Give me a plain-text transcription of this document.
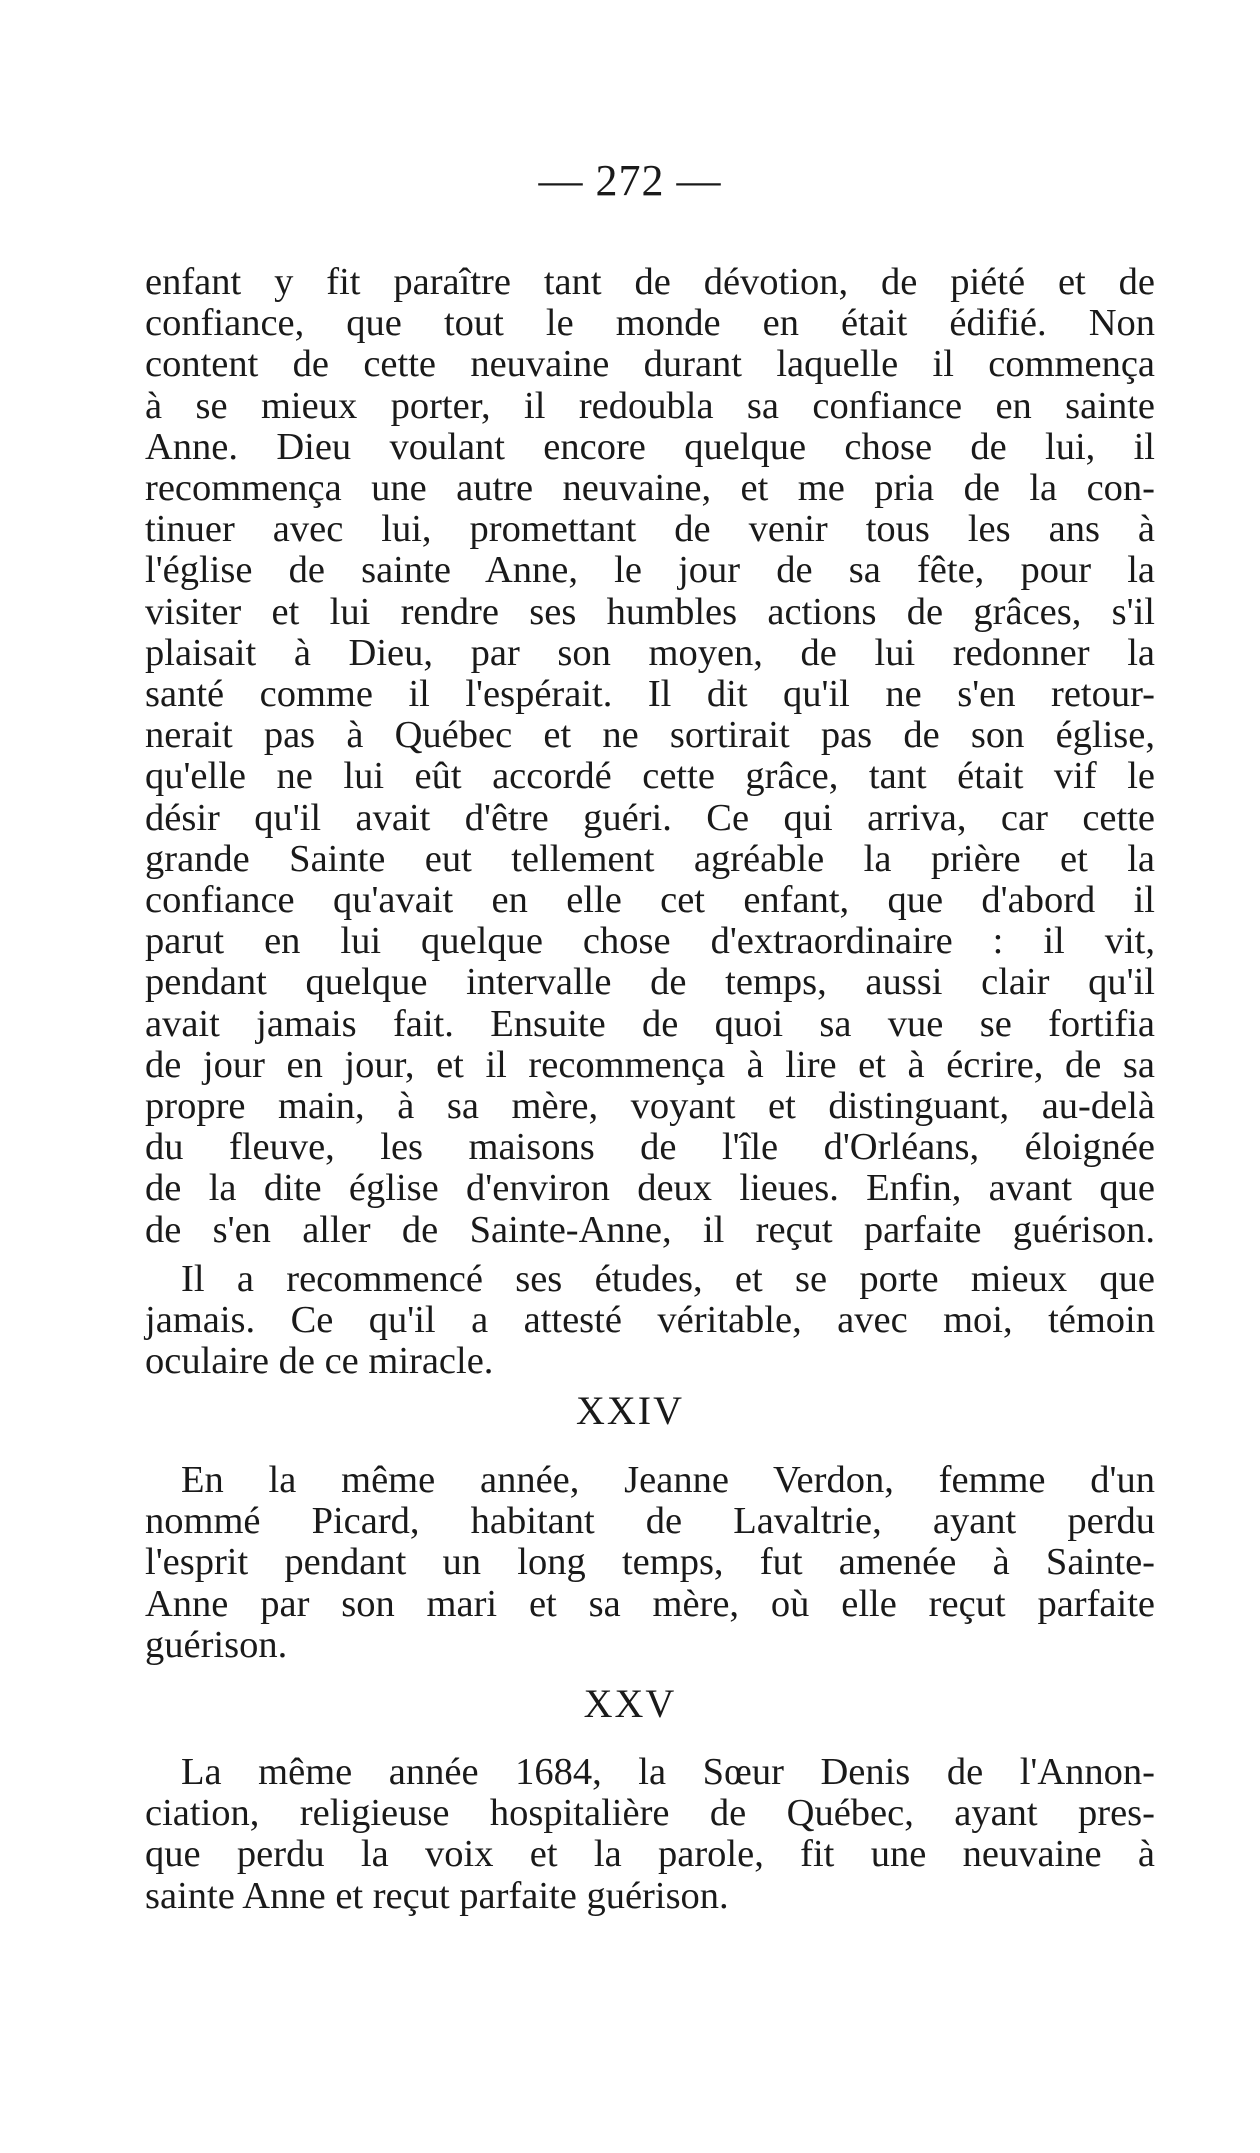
— 272 —
enfant y fit paraître tant de dévotion, de piété et de
confiance, que tout le monde en était édifié. Non
content de cette neuvaine durant laquelle il commença
à se mieux porter, il redoubla sa confiance en sainte
Anne. Dieu voulant encore quelque chose de lui, il
recommença une autre neuvaine, et me pria de la con-
tinuer avec lui, promettant de venir tous les ans à
l'église de sainte Anne, le jour de sa fête, pour la
visiter et lui rendre ses humbles actions de grâces, s'il
plaisait à Dieu, par son moyen, de lui redonner la
santé comme il l'espérait. Il dit qu'il ne s'en retour-
nerait pas à Québec et ne sortirait pas de son église,
qu'elle ne lui eût accordé cette grâce, tant était vif le
désir qu'il avait d'être guéri. Ce qui arriva, car cette
grande Sainte eut tellement agréable la prière et la
confiance qu'avait en elle cet enfant, que d'abord il
parut en lui quelque chose d'extraordinaire : il vit,
pendant quelque intervalle de temps, aussi clair qu'il
avait jamais fait. Ensuite de quoi sa vue se fortifia
de jour en jour, et il recommença à lire et à écrire, de sa
propre main, à sa mère, voyant et distinguant, au-delà
du fleuve, les maisons de l'île d'Orléans, éloignée
de la dite église d'environ deux lieues. Enfin, avant que
de s'en aller de Sainte-Anne, il reçut parfaite guérison.
Il a recommencé ses études, et se porte mieux que
jamais. Ce qu'il a attesté véritable, avec moi, témoin
oculaire de ce miracle.
XXIV
En la même année, Jeanne Verdon, femme d'un
nommé Picard, habitant de Lavaltrie, ayant perdu
l'esprit pendant un long temps, fut amenée à Sainte-
Anne par son mari et sa mère, où elle reçut parfaite
guérison.
XXV
La même année 1684, la Sœur Denis de l'Annon-
ciation, religieuse hospitalière de Québec, ayant pres-
que perdu la voix et la parole, fit une neuvaine à
sainte Anne et reçut parfaite guérison.
